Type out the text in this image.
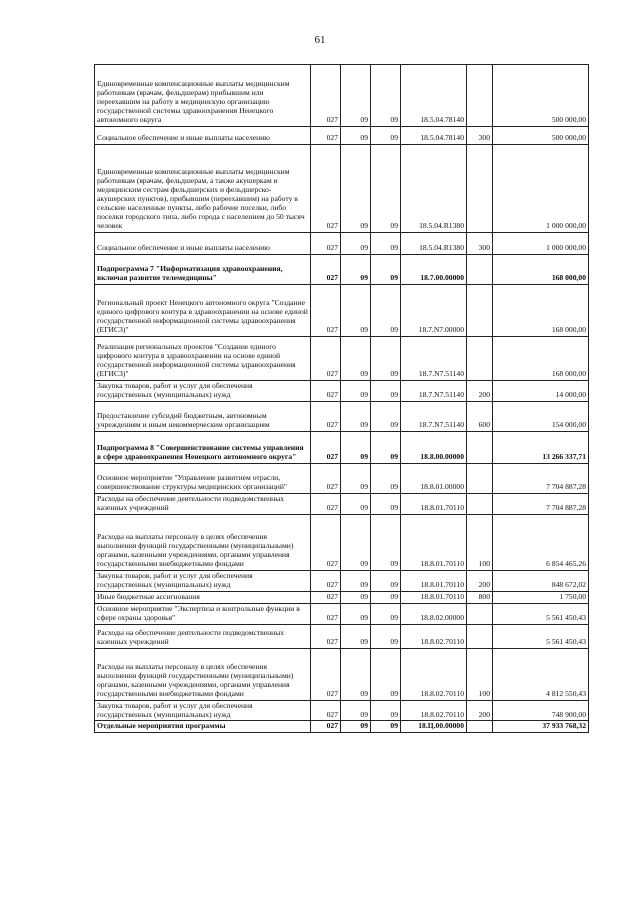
61
Единовременные компенсационные выплаты медицинским работникам (врачам, фельдшерам) прибывшим или переехавшим на работу в медицинскую организацию государственной системы здравоохранения Ненецкого автономного округа	027	09	09	18.5.04.78140		500 000,00
Социальное обеспечение и иные выплаты населению	027	09	09	18.5.04.78140	300	500 000,00
Единовременные компенсационные выплаты медицинским работникам (врачам, фельдшерам, а также акушеркам и медицинским сестрам фельдшерских и фельдшерско-акушерских пунктов), прибывшим (переехавшим) на работу в сельские населенные пункты, либо рабочие поселки, либо поселки городского типа, либо города с населением до 50 тысяч человек	027	09	09	18.5.04.R1380		1 000 000,00
Социальное обеспечение и иные выплаты населению	027	09	09	18.5.04.R1380	300	1 000 000,00
Подпрограмма 7 "Информатизация здравоохранения, включая развитие телемедицины"	027	09	09	18.7.00.00000		168 000,00
Региональный проект Ненецкого автономного округа "Создание единого цифрового контура в здравоохранении на основе единой государственной информационной системы здравоохранения (ЕГИСЗ)"	027	09	09	18.7.N7.00000		168 000,00
Реализация региональных проектов "Создание единого цифрового контура в здравоохранении на основе единой государственной информационной системы здравоохранения (ЕГИСЗ)"	027	09	09	18.7.N7.51140		168 000,00
Закупка товаров, работ и услуг для обеспечения государственных (муниципальных) нужд	027	09	09	18.7.N7.51140	200	14 000,00
Предоставление субсидий бюджетным, автономным учреждениям и иным некоммерческим организациям	027	09	09	18.7.N7.51140	600	154 000,00
Подпрограмма 8 "Совершенствование системы управления в сфере здравоохранения Ненецкого автономного округа"	027	09	09	18.8.00.00000		13 266 337,71
Основное мероприятие "Управление развитием отрасли, совершенствование структуры медицинских организаций"	027	09	09	18.8.01.00000		7 704 887,28
Расходы на обеспечение деятельности подведомственных казенных учреждений	027	09	09	18.8.01.70110		7 704 887,28
Расходы на выплаты персоналу в целях обеспечения выполнения функций государственными (муниципальными) органами, казенными учреждениями, органами управления государственными внебюджетными фондами	027	09	09	18.8.01.70110	100	6 854 465,26
Закупка товаров, работ и услуг для обеспечения государственных (муниципальных) нужд	027	09	09	18.8.01.70110	200	848 672,02
Иные бюджетные ассигнования	027	09	09	18.8.01.70110	800	1 750,00
Основное мероприятие "Экспертиза и контрольные функции в сфере охраны здоровья"	027	09	09	18.8.02.00000		5 561 450,43
Расходы на обеспечение деятельности подведомственных казенных учреждений	027	09	09	18.8.02.70110		5 561 450,43
Расходы на выплаты персоналу в целях обеспечения выполнения функций государственными (муниципальными) органами, казенными учреждениями, органами управления государственными внебюджетными фондами	027	09	09	18.8.02.70110	100	4 812 550,43
Закупка товаров, работ и услуг для обеспечения государственных (муниципальных) нужд	027	09	09	18.8.02.70110	200	748 900,00
Отдельные мероприятия программы	027	09	09	18.Ц.00.00000		37 933 768,32
